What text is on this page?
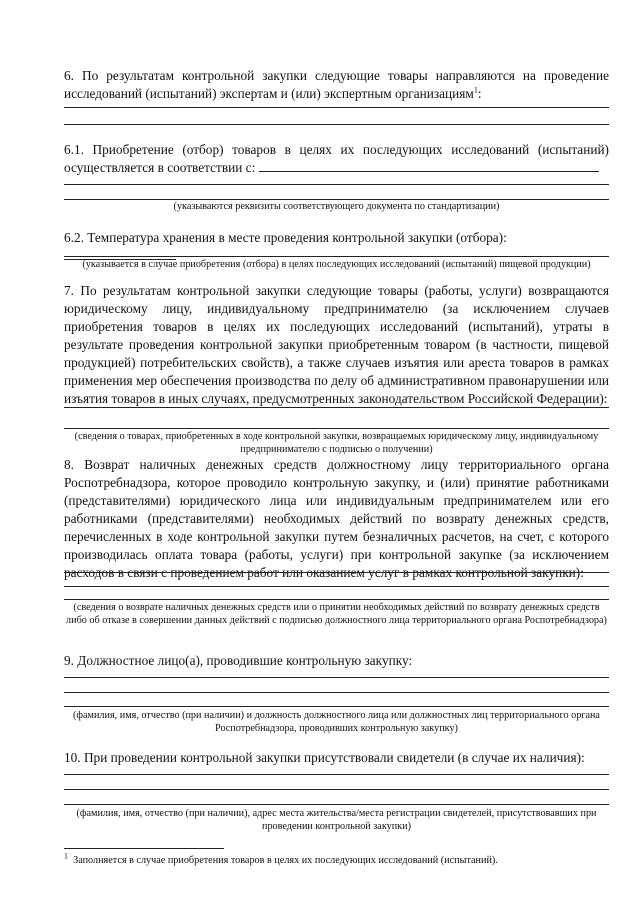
6. По результатам контрольной закупки следующие товары направляются на проведение исследований (испытаний) экспертам и (или) экспертным организациям$^1$:

6.1. Приобретение (отбор) товаров в целях их последующих исследований (испытаний) осуществляется в соответствии с:

(указываются реквизиты соответствующего документа по стандартизации)

6.2. Температура хранения в месте проведения контрольной закупки (отбора):

(указывается в случае приобретения (отбора) в целях последующих исследований (испытаний) пищевой продукции)

7. По результатам контрольной закупки следующие товары (работы, услуги) возвращаются юридическому лицу, индивидуальному предпринимателю (за исключением случаев приобретения товаров в целях их последующих исследований (испытаний), утраты в результате проведения контрольной закупки приобретенным товаром (в частности, пищевой продукцией) потребительских свойств), а также случаев изъятия или ареста товаров в рамках применения мер обеспечения производства по делу об административном правонарушении или изъятия товаров в иных случаях, предусмотренных законодательством Российской Федерации):

(сведения о товарах, приобретенных в ходе контрольной закупки, возвращаемых юридическому лицу, индивидуальному предпринимателю с подписью о получении)

8. Возврат наличных денежных средств должностному лицу территориального органа Роспотребнадзора, которое проводило контрольную закупку, и (или) принятие работниками (представителями) юридического лица или индивидуальным предпринимателем или его работниками (представителями) необходимых действий по возврату денежных средств, перечисленных в ходе контрольной закупки путем безналичных расчетов, на счет, с которого производилась оплата товара (работы, услуги) при контрольной закупке (за исключением расходов в связи с проведением работ или оказанием услуг в рамках контрольной закупки):

(сведения о возврате наличных денежных средств или о принятии необходимых действий по возврату денежных средств либо об отказе в совершении данных действий с подписью должностного лица территориального органа Роспотребнадзора)

9. Должностное лицо(а), проводившие контрольную закупку:

(фамилия, имя, отчество (при наличии) и должность должностного лица или должностных лиц территориального органа Роспотребнадзора, проводивших контрольную закупку)

10. При проведении контрольной закупки присутствовали свидетели (в случае их наличия):

(фамилия, имя, отчество (при наличии), адрес места жительства/места регистрации свидетелей, присутствовавших при проведении контрольной закупки)

$^1$ Заполняется в случае приобретения товаров в целях их последующих исследований (испытаний).
